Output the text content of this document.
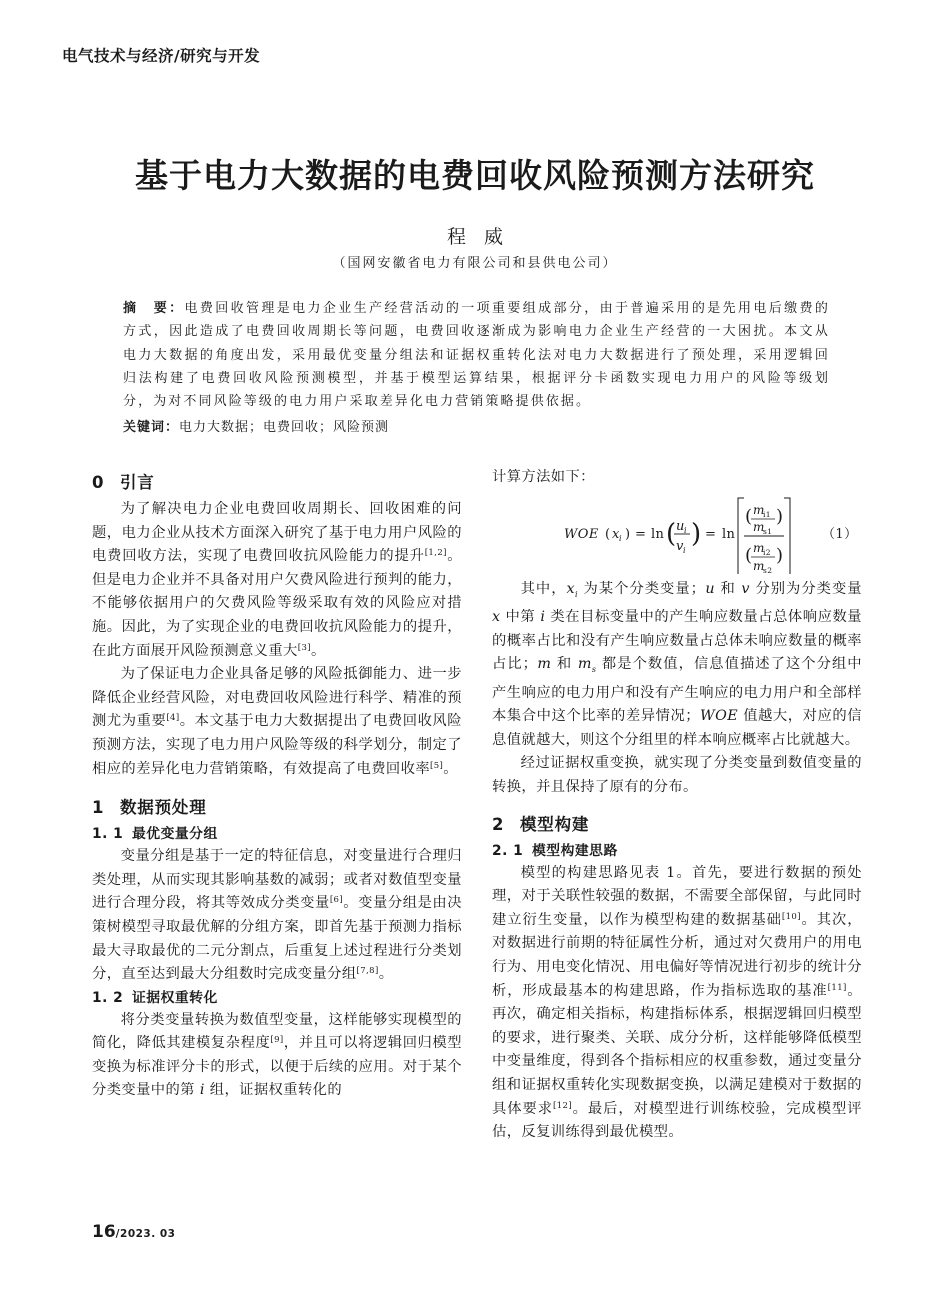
电气技术与经济/研究与开发
基于电力大数据的电费回收风险预测方法研究
程威
（国网安徽省电力有限公司和县供电公司）
摘　要：电费回收管理是电力企业生产经营活动的一项重要组成部分，由于普遍采用的是先用电后缴费的方式，因此造成了电费回收周期长等问题，电费回收逐渐成为影响电力企业生产经营的一大困扰。本文从电力大数据的角度出发，采用最优变量分组法和证据权重转化法对电力大数据进行了预处理，采用逻辑回归法构建了电费回收风险预测模型，并基于模型运算结果，根据评分卡函数实现电力用户的风险等级划分，为对不同风险等级的电力用户采取差异化电力营销策略提供依据。
关键词：电力大数据；电费回收；风险预测
0 引言

为了解决电力企业电费回收周期长、回收困难的问题，电力企业从技术方面深入研究了基于电力用户风险的电费回收方法，实现了电费回收抗风险能力的提升[1,2]。但是电力企业并不具备对用户欠费风险进行预判的能力，不能够依据用户的欠费风险等级采取有效的风险应对措施。因此，为了实现企业的电费回收抗风险能力的提升，在此方面展开风险预测意义重大[3]。

为了保证电力企业具备足够的风险抵御能力、进一步降低企业经营风险，对电费回收风险进行科学、精准的预测尤为重要[4]。本文基于电力大数据提出了电费回收风险预测方法，实现了电力用户风险等级的科学划分，制定了相应的差异化电力营销策略，有效提高了电费回收率[5]。

1 数据预处理
1. 1 最优变量分组

变量分组是基于一定的特征信息，对变量进行合理归类处理，从而实现其影响基数的减弱；或者对数值型变量进行合理分段，将其等效成分类变量[6]。变量分组是由决策树模型寻取最优解的分组方案，即首先基于预测力指标最大寻取最优的二元分割点，后重复上述过程进行分类划分，直至达到最大分组数时完成变量分组[7,8]。

1. 2 证据权重转化

将分类变量转换为数值型变量，这样能够实现模型的简化，降低其建模复杂程度[9]，并且可以将逻辑回归模型变换为标准评分卡的形式，以便于后续的应用。对于某个分类变量中的第 i 组，证据权重转化的

计算方法如下：
WOE ( x i ) = ln ( u i
v i
) = ln
( m
i1
m
s1
)
( m
i2
m
s2
)
（1）

其中，$x_i$ 为某个分类变量；u 和 v 分别为分类变量 x 中第 i 类在目标变量中的产生响应数量占总体响应数量的概率占比和没有产生响应数量占总体未响应数量的概率占比；m 和 $m_s$ 都是个数值，信息值描述了这个分组中产生响应的电力用户和没有产生响应的电力用户和全部样本集合中这个比率的差异情况；WOE 值越大，对应的信息值就越大，则这个分组里的样本响应概率占比就越大。

经过证据权重变换，就实现了分类变量到数值变量的转换，并且保持了原有的分布。

2 模型构建
2. 1 模型构建思路

模型的构建思路见表 1。首先，要进行数据的预处理，对于关联性较强的数据，不需要全部保留，与此同时建立衍生变量，以作为模型构建的数据基础[10]。其次，对数据进行前期的特征属性分析，通过对欠费用户的用电行为、用电变化情况、用电偏好等情况进行初步的统计分析，形成最基本的构建思路，作为指标选取的基准[11]。再次，确定相关指标，构建指标体系，根据逻辑回归模型的要求，进行聚类、关联、成分分析，这样能够降低模型中变量维度，得到各个指标相应的权重参数，通过变量分组和证据权重转化实现数据变换，以满足建模对于数据的具体要求[12]。最后，对模型进行训练校验，完成模型评估，反复训练得到最优模型。

16/2023. 03
